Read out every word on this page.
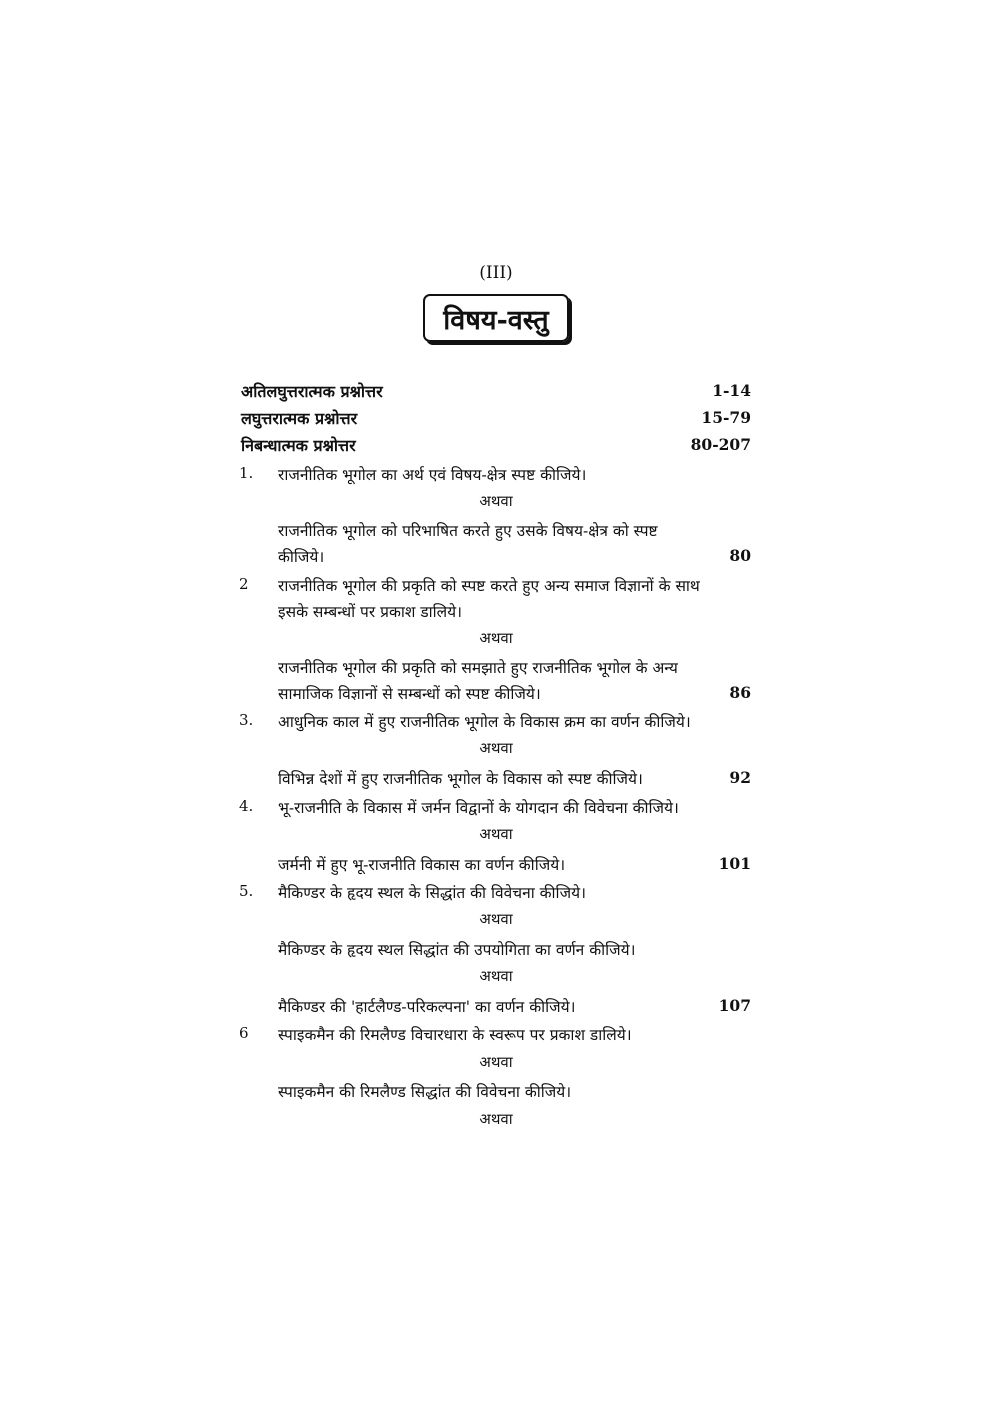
(III)
विषय-वस्तु
अतिलघुत्तरात्मक प्रश्नोत्तर	1-14
लघुत्तरात्मक प्रश्नोत्तर	15-79
निबन्धात्मक प्रश्नोत्तर	80-207
1. राजनीतिक भूगोल का अर्थ एवं विषय-क्षेत्र स्पष्ट कीजिये।
अथवा
राजनीतिक भूगोल को परिभाषित करते हुए उसके विषय-क्षेत्र को स्पष्ट
कीजिये।	80
2 राजनीतिक भूगोल की प्रकृति को स्पष्ट करते हुए अन्य समाज विज्ञानों के साथ
इसके सम्बन्धों पर प्रकाश डालिये।
अथवा
राजनीतिक भूगोल की प्रकृति को समझाते हुए राजनीतिक भूगोल के अन्य
सामाजिक विज्ञानों से सम्बन्धों को स्पष्ट कीजिये।	86
3. आधुनिक काल में हुए राजनीतिक भूगोल के विकास क्रम का वर्णन कीजिये।
अथवा
विभिन्न देशों में हुए राजनीतिक भूगोल के विकास को स्पष्ट कीजिये।	92
4. भू-राजनीति के विकास में जर्मन विद्वानों के योगदान की विवेचना कीजिये।
अथवा
जर्मनी में हुए भू-राजनीति विकास का वर्णन कीजिये।	101
5. मैकिण्डर के हृदय स्थल के सिद्धांत की विवेचना कीजिये।
अथवा
मैकिण्डर के हृदय स्थल सिद्धांत की उपयोगिता का वर्णन कीजिये।
अथवा
मैकिण्डर की 'हार्टलैण्ड-परिकल्पना' का वर्णन कीजिये।	107
6 स्पाइकमैन की रिमलैण्ड विचारधारा के स्वरूप पर प्रकाश डालिये।
अथवा
स्पाइकमैन की रिमलैण्ड सिद्धांत की विवेचना कीजिये।
अथवा
